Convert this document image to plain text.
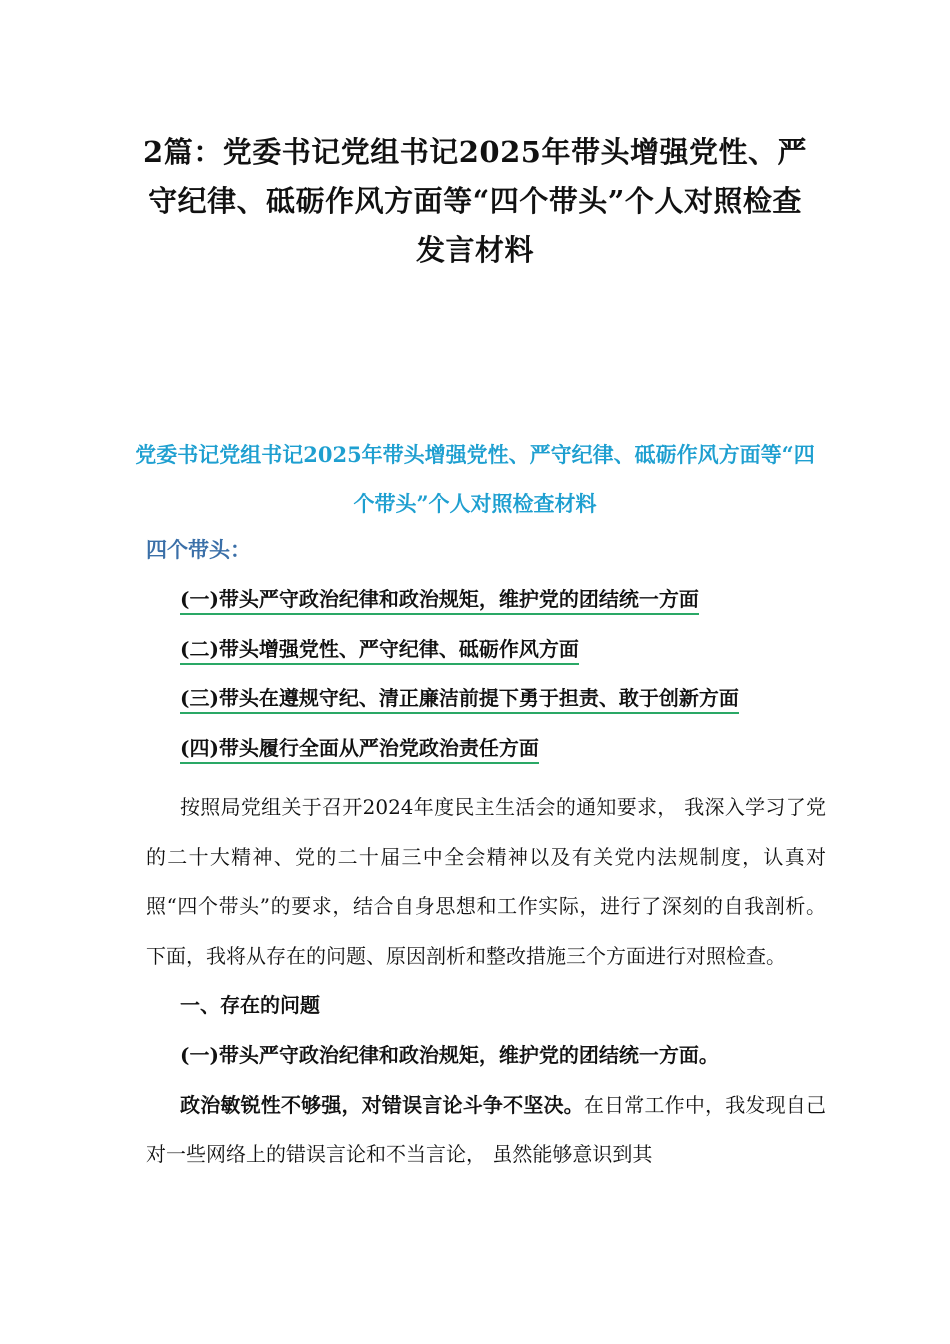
2篇：党委书记党组书记2025年带头增强党性、严守纪律、砥砺作风方面等“四个带头”个人对照检查发言材料
党委书记党组书记2025年带头增强党性、严守纪律、砥砺作风方面等“四个带头”个人对照检查材料
四个带头：
(一)带头严守政治纪律和政治规矩，维护党的团结统一方面
(二)带头增强党性、严守纪律、砥砺作风方面
(三)带头在遵规守纪、清正廉洁前提下勇于担责、敢于创新方面
(四)带头履行全面从严治党政治责任方面

按照局党组关于召开2024年度民主生活会的通知要求， 我深入学习了党的二十大精神、党的二十届三中全会精神以及有关党内法规制度，认真对照“四个带头”的要求，结合自身思想和工作实际，进行了深刻的自我剖析。下面，我将从存在的问题、原因剖析和整改措施三个方面进行对照检查。

一、存在的问题

(一)带头严守政治纪律和政治规矩，维护党的团结统一方面。

政治敏锐性不够强，对错误言论斗争不坚决。在日常工作中，我发现自己对一些网络上的错误言论和不当言论， 虽然能够意识到其
